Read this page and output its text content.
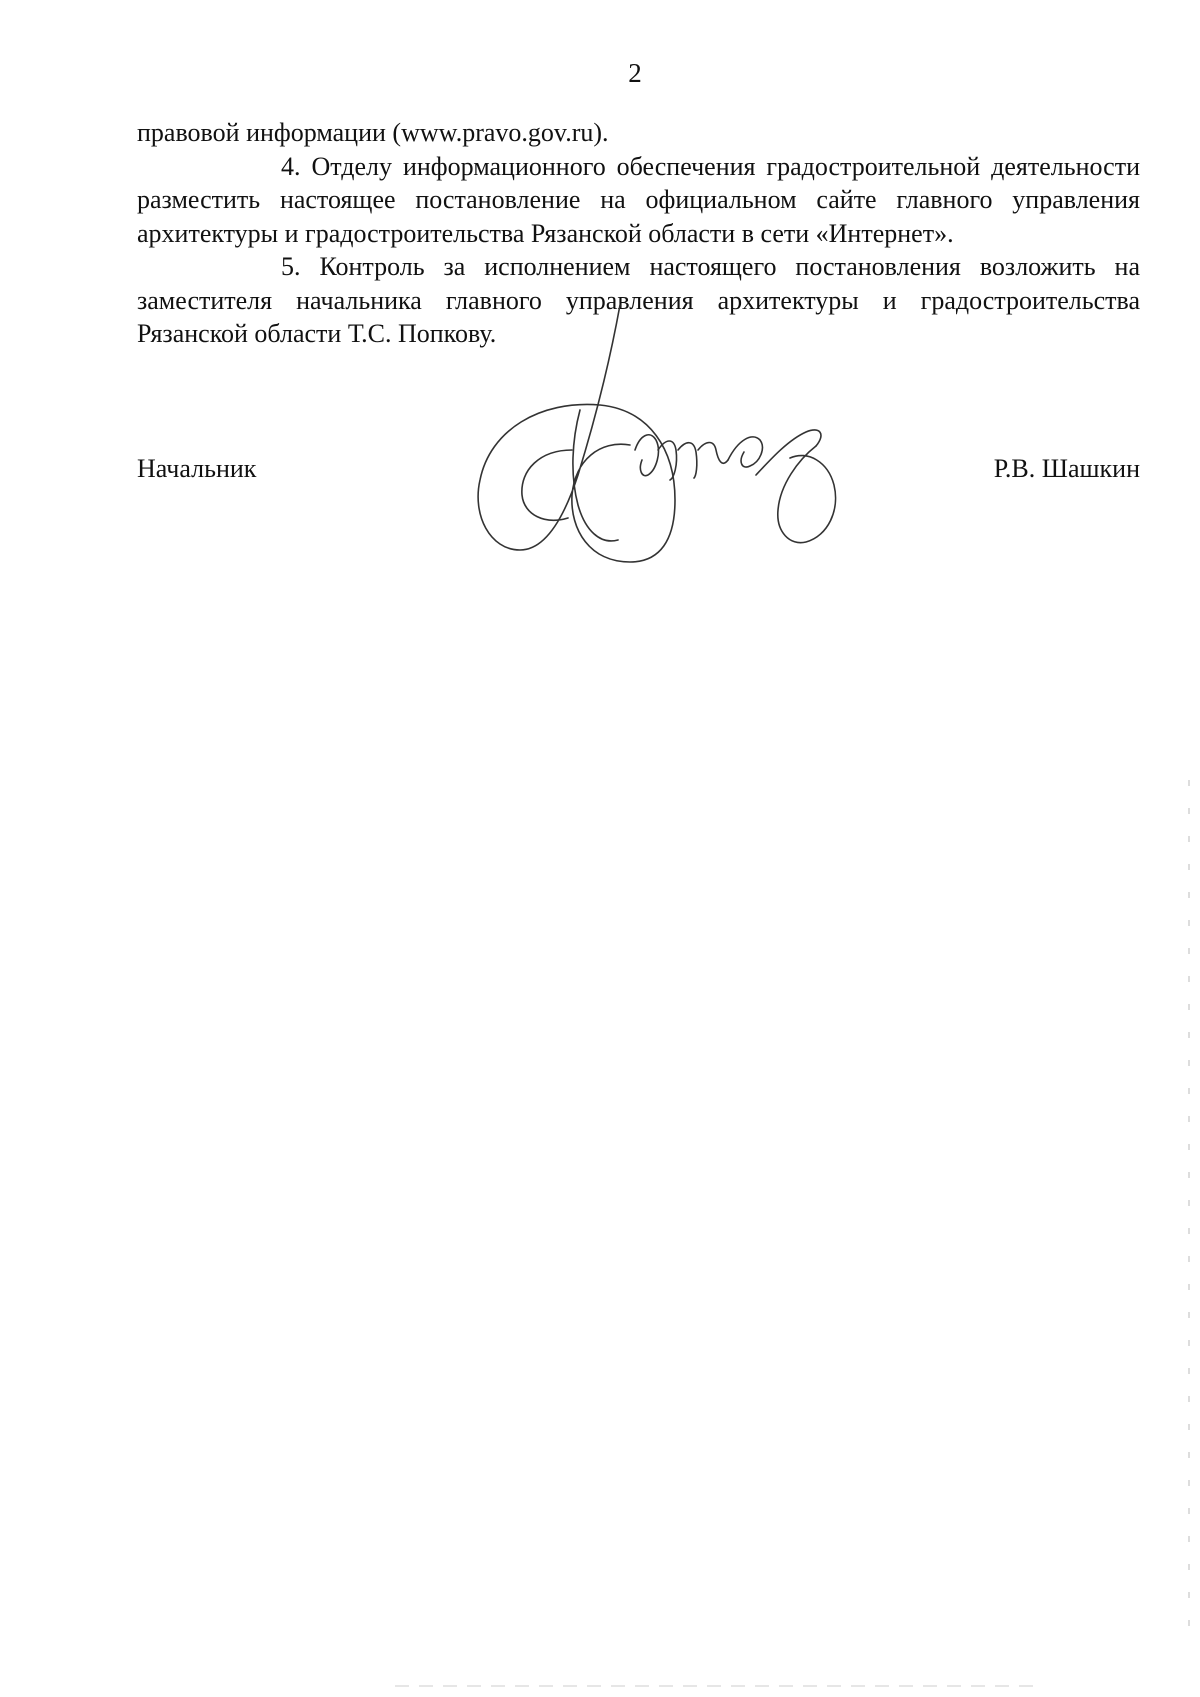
2

правовой информации (www.pravo.gov.ru).

4. Отделу информационного обеспечения градостроительной деятельности разместить настоящее постановление на официальном сайте главного управления архитектуры и градостроительства Рязанской области в сети «Интернет».

5. Контроль за исполнением настоящего постановления возложить на заместителя начальника главного управления архитектуры и градостроительства Рязанской области Т.С. Попкову.

Начальник	Р.В. Шашкин
